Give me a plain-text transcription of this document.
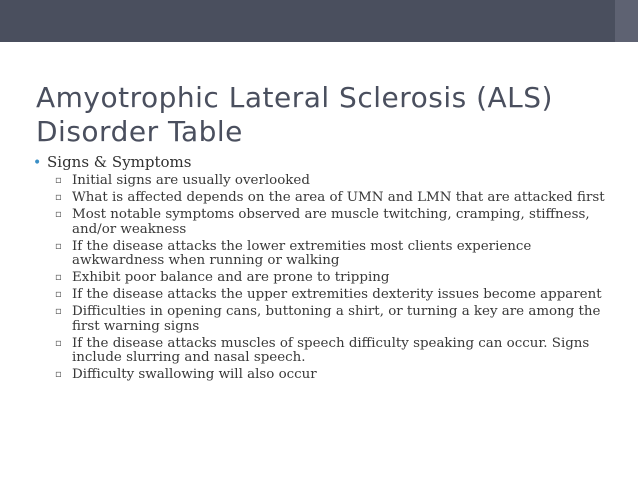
Amyotrophic Lateral Sclerosis (ALS)
Disorder Table
• Signs & Symptoms
▫ Initial signs are usually overlooked
▫ What is affected depends on the area of UMN and LMN that are attacked first
▫ Most notable symptoms observed are muscle twitching, cramping, stiffness, and/or weakness
▫ If the disease attacks the lower extremities most clients experience awkwardness when running or walking
▫ Exhibit poor balance and are prone to tripping
▫ If the disease attacks the upper extremities dexterity issues become apparent
▫ Difficulties in opening cans, buttoning a shirt, or turning a key are among the first warning signs
▫ If the disease attacks muscles of speech difficulty speaking can occur. Signs include slurring and nasal speech.
▫ Difficulty swallowing will also occur
